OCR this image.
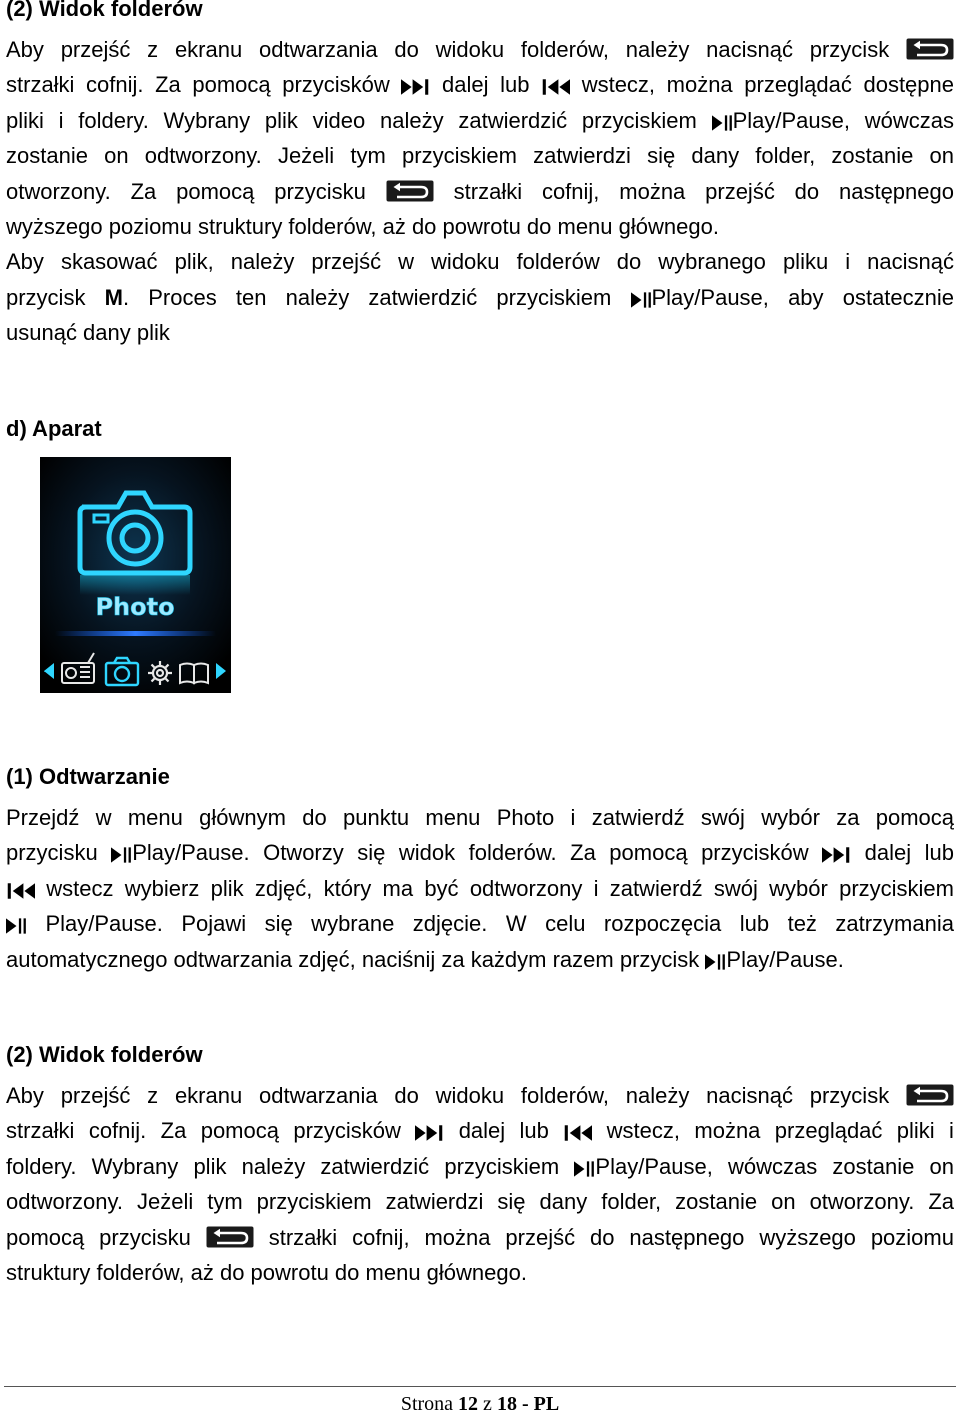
(2) Widok folderów
Aby przejść z ekranu odtwarzania do widoku folderów, należy nacisnąć przycisk
strzałki cofnij. Za pomocą przycisków dalej lub wstecz, można przeglądać dostępne
pliki i foldery. Wybrany plik video należy zatwierdzić przyciskiem Play/Pause, wówczas
zostanie on odtworzony. Jeżeli tym przyciskiem zatwierdzi się dany folder, zostanie on
otworzony. Za pomocą przycisku	strzałki cofnij, można przejść do następnego
wyższego poziomu struktury folderów, aż do powrotu do menu głównego.
Aby skasować plik, należy przejść w widoku folderów do wybranego pliku i nacisnąć
przycisk M. Proces ten należy zatwierdzić przyciskiem Play/Pause, aby ostatecznie
usunąć dany plik
d) Aparat
Photo
(1) Odtwarzanie
Przejdź w menu głównym do punktu menu Photo i zatwierdź swój wybór za pomocą
przycisku Play/Pause. Otworzy się widok folderów. Za pomocą przycisków	dalej lub
wstecz wybierz plik zdjęć, który ma być odtworzony i zatwierdź swój wybór przyciskiem
Play/Pause. Pojawi się wybrane zdjęcie. W celu rozpoczęcia lub też zatrzymania
automatycznego odtwarzania zdjęć, naciśnij za każdym razem przycisk Play/Pause.
(2) Widok folderów
Aby przejść z ekranu odtwarzania do widoku folderów, należy nacisnąć przycisk
strzałki cofnij. Za pomocą przycisków	dalej lub	wstecz, można przeglądać pliki i
foldery. Wybrany plik należy zatwierdzić przyciskiem Play/Pause, wówczas zostanie on
odtworzony. Jeżeli tym przyciskiem zatwierdzi się dany folder, zostanie on otworzony. Za
pomocą przycisku	strzałki cofnij, można przejść do następnego wyższego poziomu
struktury folderów, aż do powrotu do menu głównego.
Strona 12 z 18 - PL
